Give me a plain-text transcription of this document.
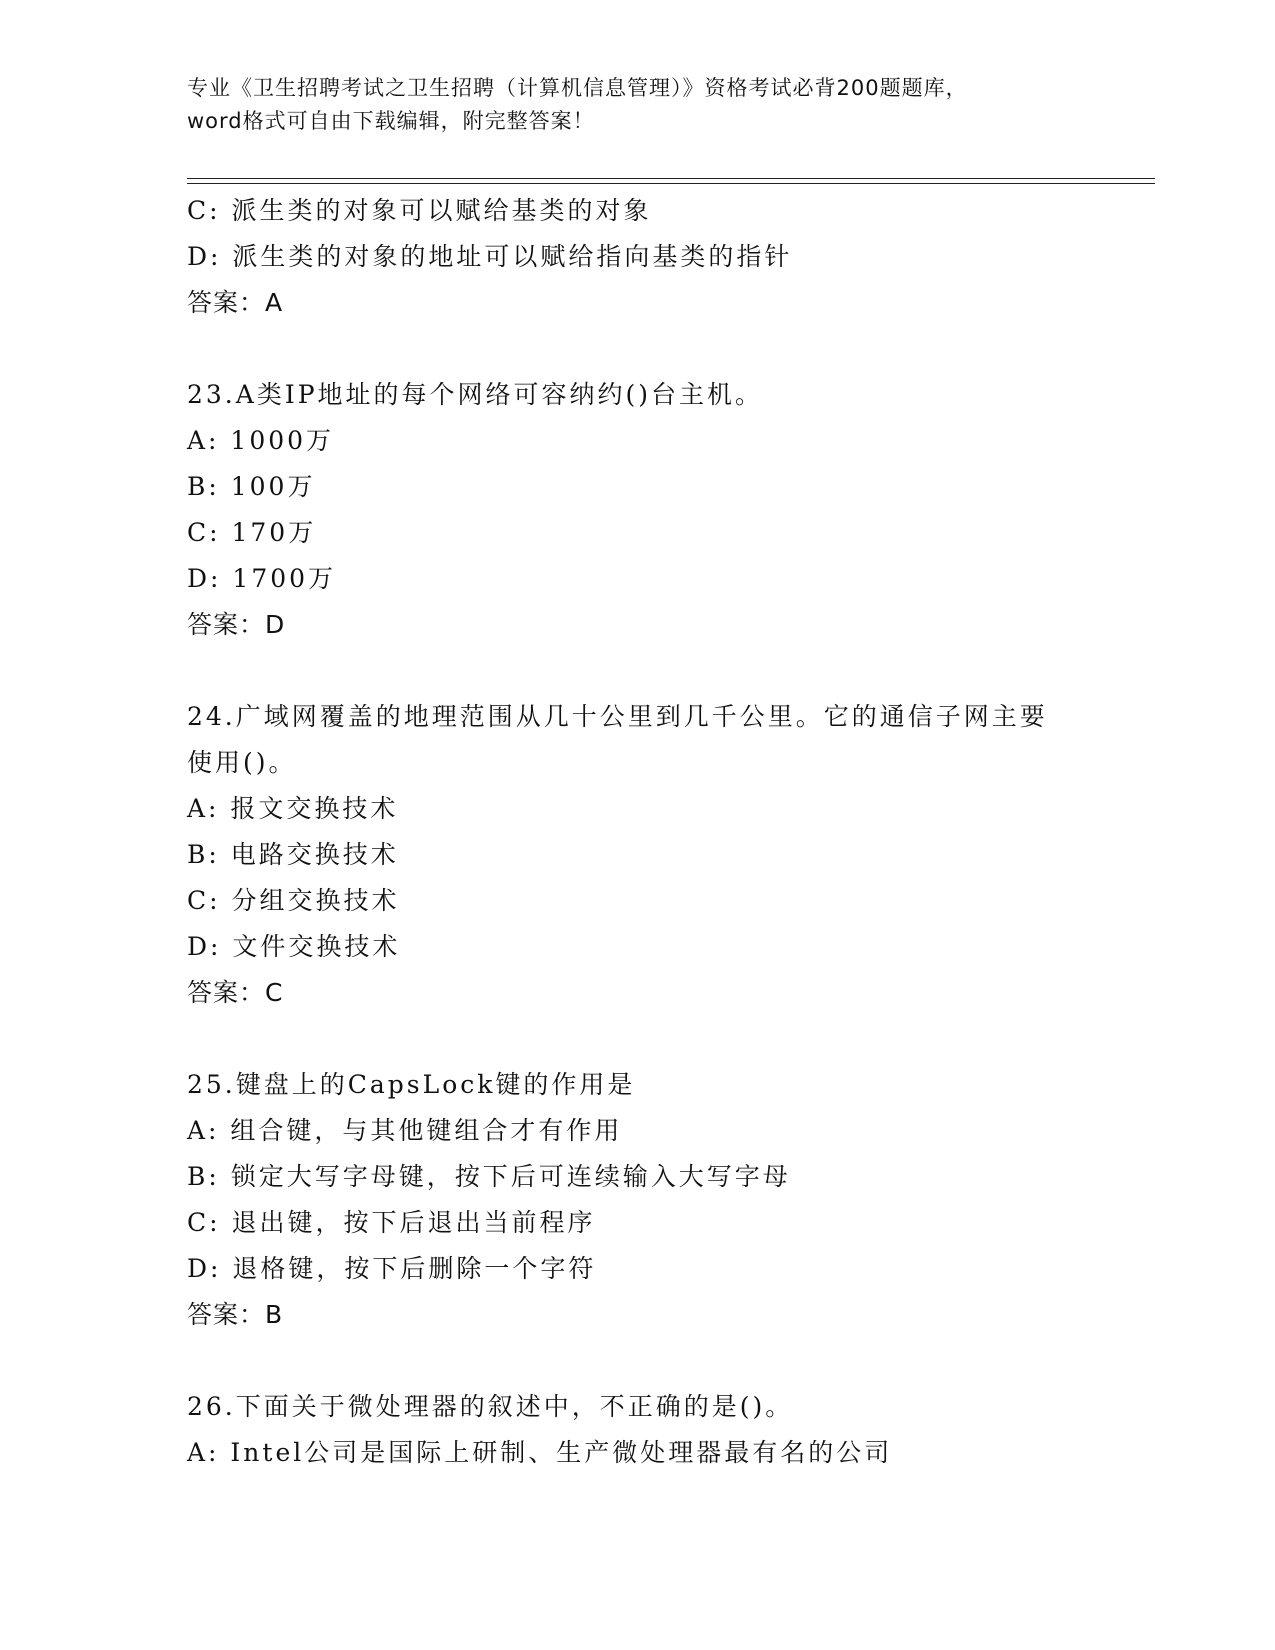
专业《卫生招聘考试之卫生招聘（计算机信息管理）》资格考试必背200题题库，
word格式可自由下载编辑，附完整答案！
C: 派生类的对象可以赋给基类的对象
D: 派生类的对象的地址可以赋给指向基类的指针
答案：A
23.A类IP地址的每个网络可容纳约()台主机。
A: 1000万
B: 100万
C: 170万
D: 1700万
答案：D
24.广域网覆盖的地理范围从几十公里到几千公里。它的通信子网主要
使用()。
A: 报文交换技术
B: 电路交换技术
C: 分组交换技术
D: 文件交换技术
答案：C
25.键盘上的CapsLock键的作用是
A: 组合键，与其他键组合才有作用
B: 锁定大写字母键，按下后可连续输入大写字母
C: 退出键，按下后退出当前程序
D: 退格键，按下后删除一个字符
答案：B
26.下面关于微处理器的叙述中，不正确的是()。
A: Intel公司是国际上研制、生产微处理器最有名的公司
